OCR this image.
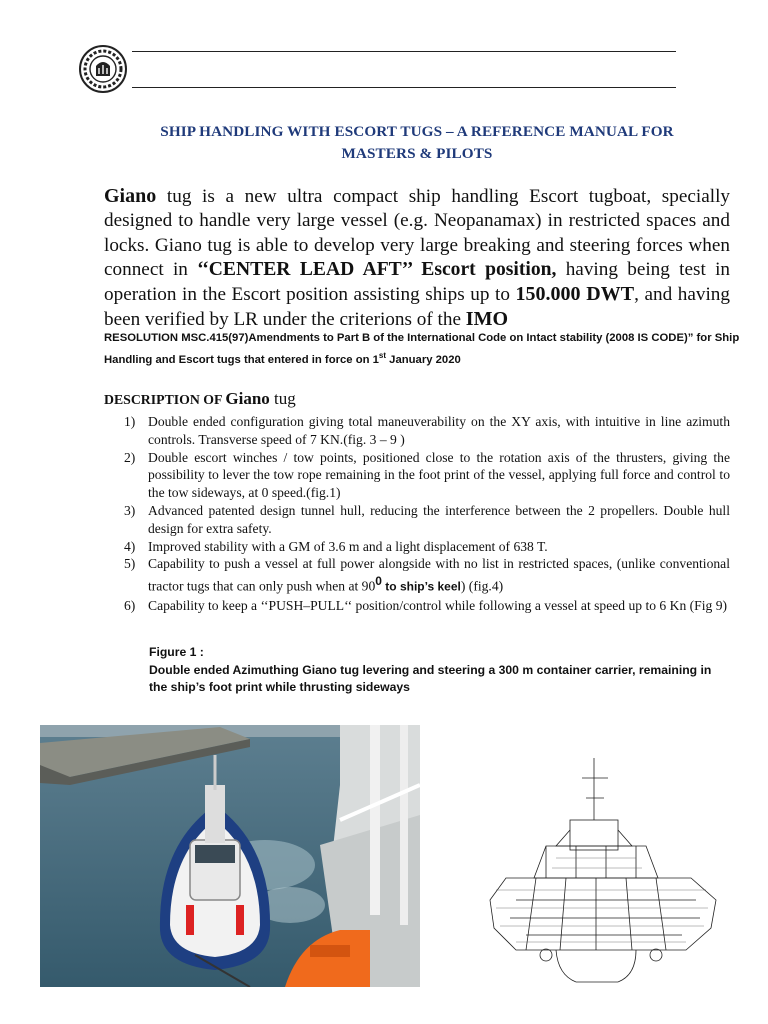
SHIP HANDLING WITH ESCORT TUGS – A REFERENCE MANUAL FOR
MASTERS & PILOTS
Giano tug is a new ultra compact ship handling Escort tugboat, specially designed to handle very large vessel (e.g. Neopanamax) in restricted spaces and locks. Giano tug is able to develop very large breaking and steering forces when connect in ‘‘CENTER LEAD AFT’’ Escort position, having being test in operation in the Escort position assisting ships up to 150.000 DWT, and having been verified by LR under the criterions of the IMO
RESOLUTION MSC.415(97)Amendments to Part B of the International Code on Intact stability (2008 IS CODE)” for Ship Handling and Escort tugs that entered in force on 1st January 2020
DESCRIPTION OF Giano tug
1) Double ended configuration giving total maneuverability on the XY axis, with intuitive in line azimuth controls. Transverse speed of 7 KN.(fig. 3 – 9 )
2) Double escort winches / tow points, positioned close to the rotation axis of the thrusters, giving the possibility to lever the tow rope remaining in the foot print of the vessel, applying full force and control to the tow sideways, at 0 speed.(fig.1)
3) Advanced patented design tunnel hull, reducing the interference between the 2 propellers. Double hull design for extra safety.
4) Improved stability with a GM of 3.6 m and a light displacement of 638 T.
5) Capability to push a vessel at full power alongside with no list in restricted spaces, (unlike conventional tractor tugs that can only push when at $90^0$ to ship’s keel) (fig.4)
6) Capability to keep a ‘‘PUSH–PULL‘‘ position/control while following a vessel at speed up to 6 Kn (Fig 9)
Figure 1 :
Double ended Azimuthing Giano tug levering and steering a 300 m container carrier, remaining in the ship’s foot print while thrusting sideways
